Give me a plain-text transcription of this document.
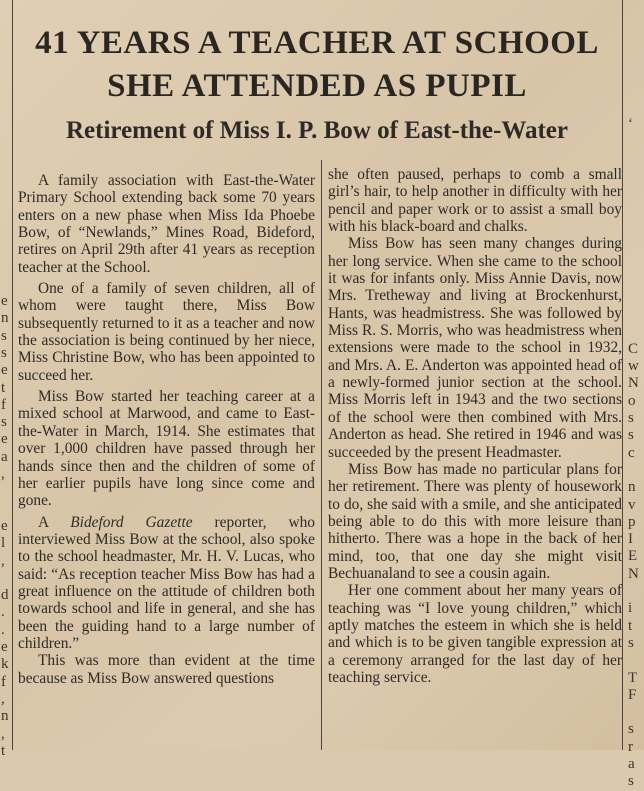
e
n
s
s
e
t
f
s
e
a
,

e
l
,

d
.
.
e
k
f
,
n
,
t
‘

C
w
N
o
s
s
c

n
v
p
I
E
N

i
t
s

T
F

s
r
a
s
41 YEARS A TEACHER AT SCHOOL
SHE ATTENDED AS PUPIL
Retirement of Miss I. P. Bow of East-the-Water

A family association with East-the-Water Primary School extending back some 70 years enters on a new phase when Miss Ida Phoebe Bow, of “Newlands,” Mines Road, Bideford, retires on April 29th after 41 years as reception teacher at the School.

One of a family of seven children, all of whom were taught there, Miss Bow subsequently returned to it as a teacher and now the association is being continued by her niece, Miss Christine Bow, who has been appointed to succeed her.

Miss Bow started her teaching career at a mixed school at Marwood, and came to East-the-Water in March, 1914. She estimates that over 1,000 children have passed through her hands since then and the children of some of her earlier pupils have long since come and gone.

A Bideford Gazette reporter, who interviewed Miss Bow at the school, also spoke to the school headmaster, Mr. H. V. Lucas, who said: “As reception teacher Miss Bow has had a great influence on the attitude of children both towards school and life in general, and she has been the guiding hand to a large number of children.”

This was more than evident at the time because as Miss Bow answered questions

she often paused, perhaps to comb a small girl’s hair, to help another in difficulty with her pencil and paper work or to assist a small boy with his black-board and chalks.

Miss Bow has seen many changes during her long service. When she came to the school it was for infants only. Miss Annie Davis, now Mrs. Tretheway and living at Brockenhurst, Hants, was headmistress. She was followed by Miss R. S. Morris, who was headmistress when extensions were made to the school in 1932, and Mrs. A. E. Anderton was appointed head of a newly-formed junior section at the school. Miss Morris left in 1943 and the two sections of the school were then combined with Mrs. Anderton as head. She retired in 1946 and was succeeded by the present Headmaster.

Miss Bow has made no particular plans for her retirement. There was plenty of housework to do, she said with a smile, and she anticipated being able to do this with more leisure than hitherto. There was a hope in the back of her mind, too, that one day she might visit Bechuanaland to see a cousin again.

Her one comment about her many years of teaching was “I love young children,” which aptly matches the esteem in which she is held and which is to be given tangible expression at a ceremony arranged for the last day of her teaching service.
